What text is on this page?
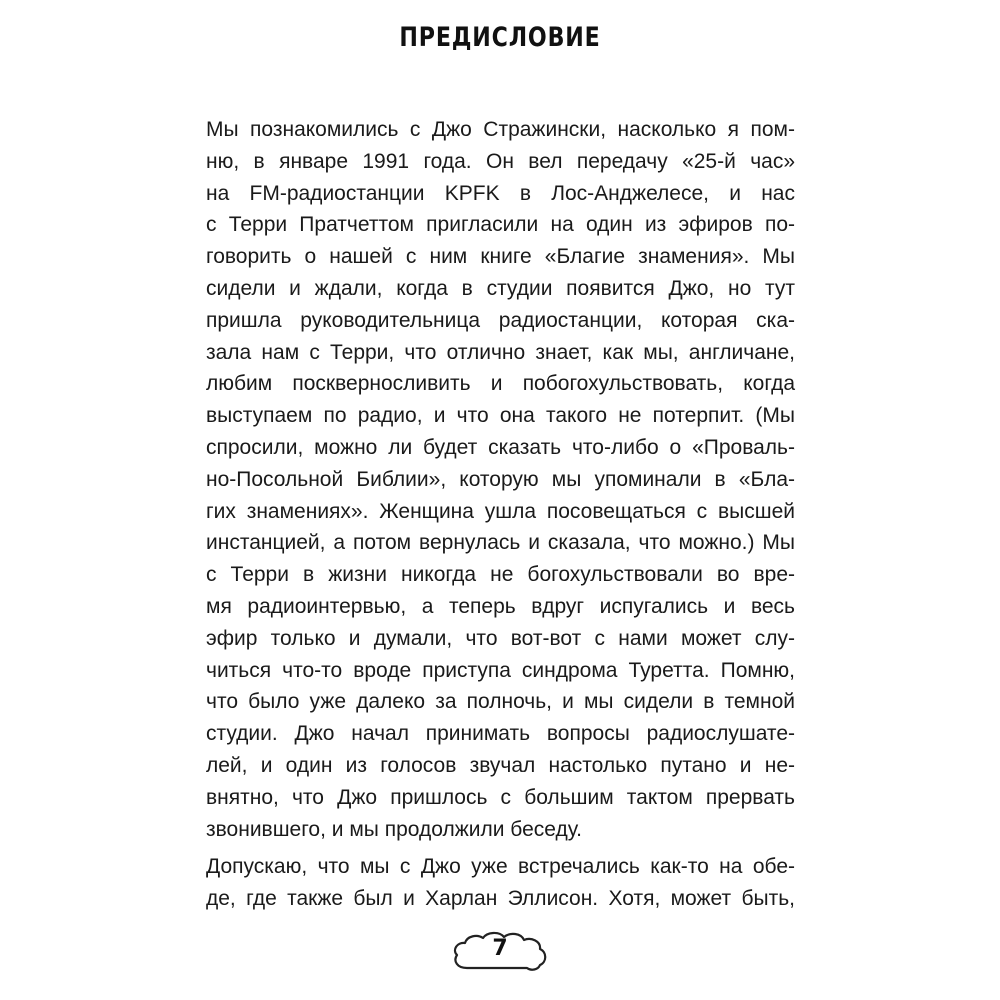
ПРЕДИСЛОВИЕ
Мы познакомились с Джо Стражински, насколько я пом-
ню, в январе 1991 года. Он вел передачу «25-й час»
на FM-радиостанции KPFK в Лос-Анджелесе, и нас
с Терри Пратчеттом пригласили на один из эфиров по-
говорить о нашей с ним книге «Благие знамения». Мы
сидели и ждали, когда в студии появится Джо, но тут
пришла руководительница радиостанции, которая ска-
зала нам с Терри, что отлично знает, как мы, англичане,
любим поскверносливить и побогохульствовать, когда
выступаем по радио, и что она такого не потерпит. (Мы
спросили, можно ли будет сказать что-либо о «Проваль-
но-Посольной Библии», которую мы упоминали в «Бла-
гих знамениях». Женщина ушла посовещаться с высшей
инстанцией, а потом вернулась и сказала, что можно.) Мы
с Терри в жизни никогда не богохульствовали во вре-
мя радиоинтервью, а теперь вдруг испугались и весь
эфир только и думали, что вот-вот с нами может слу-
читься что-то вроде приступа синдрома Туретта. Помню,
что было уже далеко за полночь, и мы сидели в темной
студии. Джо начал принимать вопросы радиослушате-
лей, и один из голосов звучал настолько путано и не-
внятно, что Джо пришлось с большим тактом прервать
звонившего, и мы продолжили беседу.
Допускаю, что мы с Джо уже встречались как-то на обе-
де, где также был и Харлан Эллисон. Хотя, может быть,
7
